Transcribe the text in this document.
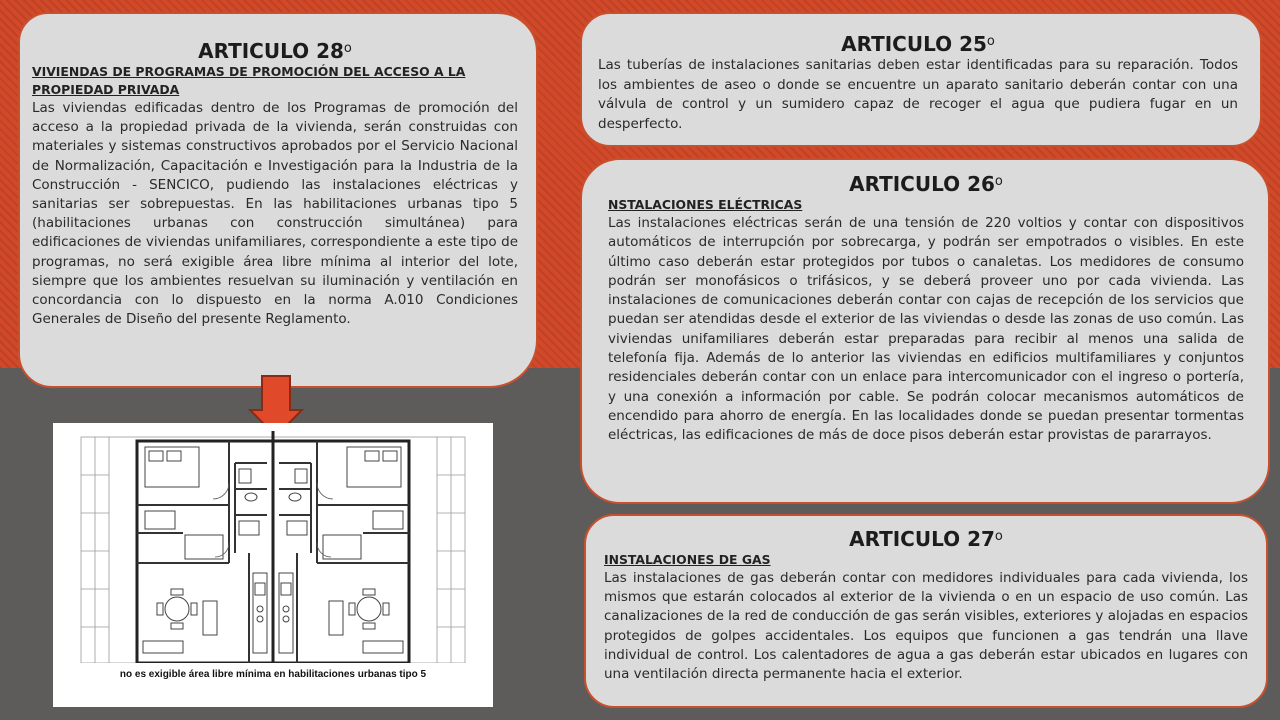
ARTICULO 28$^o$

VIVIENDAS DE PROGRAMAS DE PROMOCIÓN DEL ACCESO A LA PROPIEDAD PRIVADA

Las viviendas edificadas dentro de los Programas de promoción del acceso a la propiedad privada de la vivienda, serán construidas con materiales y sistemas constructivos aprobados por el Servicio Nacional de Normalización, Capacitación e Investigación para la Industria de la Construcción - SENCICO, pudiendo las instalaciones eléctricas y sanitarias ser sobrepuestas. En las habilitaciones urbanas tipo 5 (habilitaciones urbanas con construcción simultánea) para edificaciones de viviendas unifamiliares, correspondiente a este tipo de programas, no será exigible área libre mínima al interior del lote, siempre que los ambientes resuelvan su iluminación y ventilación en concordancia con lo dispuesto en la norma A.010 Condiciones Generales de Diseño del presente Reglamento.

ARTICULO 25$^o$

Las tuberías de instalaciones sanitarias deben estar identificadas para su reparación. Todos los ambientes de aseo o donde se encuentre un aparato sanitario deberán contar con una válvula de control y un sumidero capaz de recoger el agua que pudiera fugar en un desperfecto.

ARTICULO 26$^o$

NSTALACIONES ELÉCTRICAS

Las instalaciones eléctricas serán de una tensión de 220 voltios y contar con dispositivos automáticos de interrupción por sobrecarga, y podrán ser empotrados o visibles. En este último caso deberán estar protegidos por tubos o canaletas. Los medidores de consumo podrán ser monofásicos o trifásicos, y se deberá proveer uno por cada vivienda. Las instalaciones de comunicaciones deberán contar con cajas de recepción de los servicios que puedan ser atendidas desde el exterior de las viviendas o desde las zonas de uso común. Las viviendas unifamiliares deberán estar preparadas para recibir al menos una salida de telefonía fija. Además de lo anterior las viviendas en edificios multifamiliares y conjuntos residenciales deberán contar con un enlace para intercomunicador con el ingreso o portería, y una conexión a información por cable. Se podrán colocar mecanismos automáticos de encendido para ahorro de energía. En las localidades donde se puedan presentar tormentas eléctricas, las edificaciones de más de doce pisos deberán estar provistas de pararrayos.

ARTICULO 27$^o$

INSTALACIONES DE GAS

Las instalaciones de gas deberán contar con medidores individuales para cada vivienda, los mismos que estarán colocados al exterior de la vivienda o en un espacio de uso común. Las canalizaciones de la red de conducción de gas serán visibles, exteriores y alojadas en espacios protegidos de golpes accidentales. Los equipos que funcionen a gas tendrán una llave individual de control. Los calentadores de agua a gas deberán estar ubicados en lugares con una ventilación directa permanente hacia el exterior.

no es exigible área libre mínima en habilitaciones urbanas tipo 5
